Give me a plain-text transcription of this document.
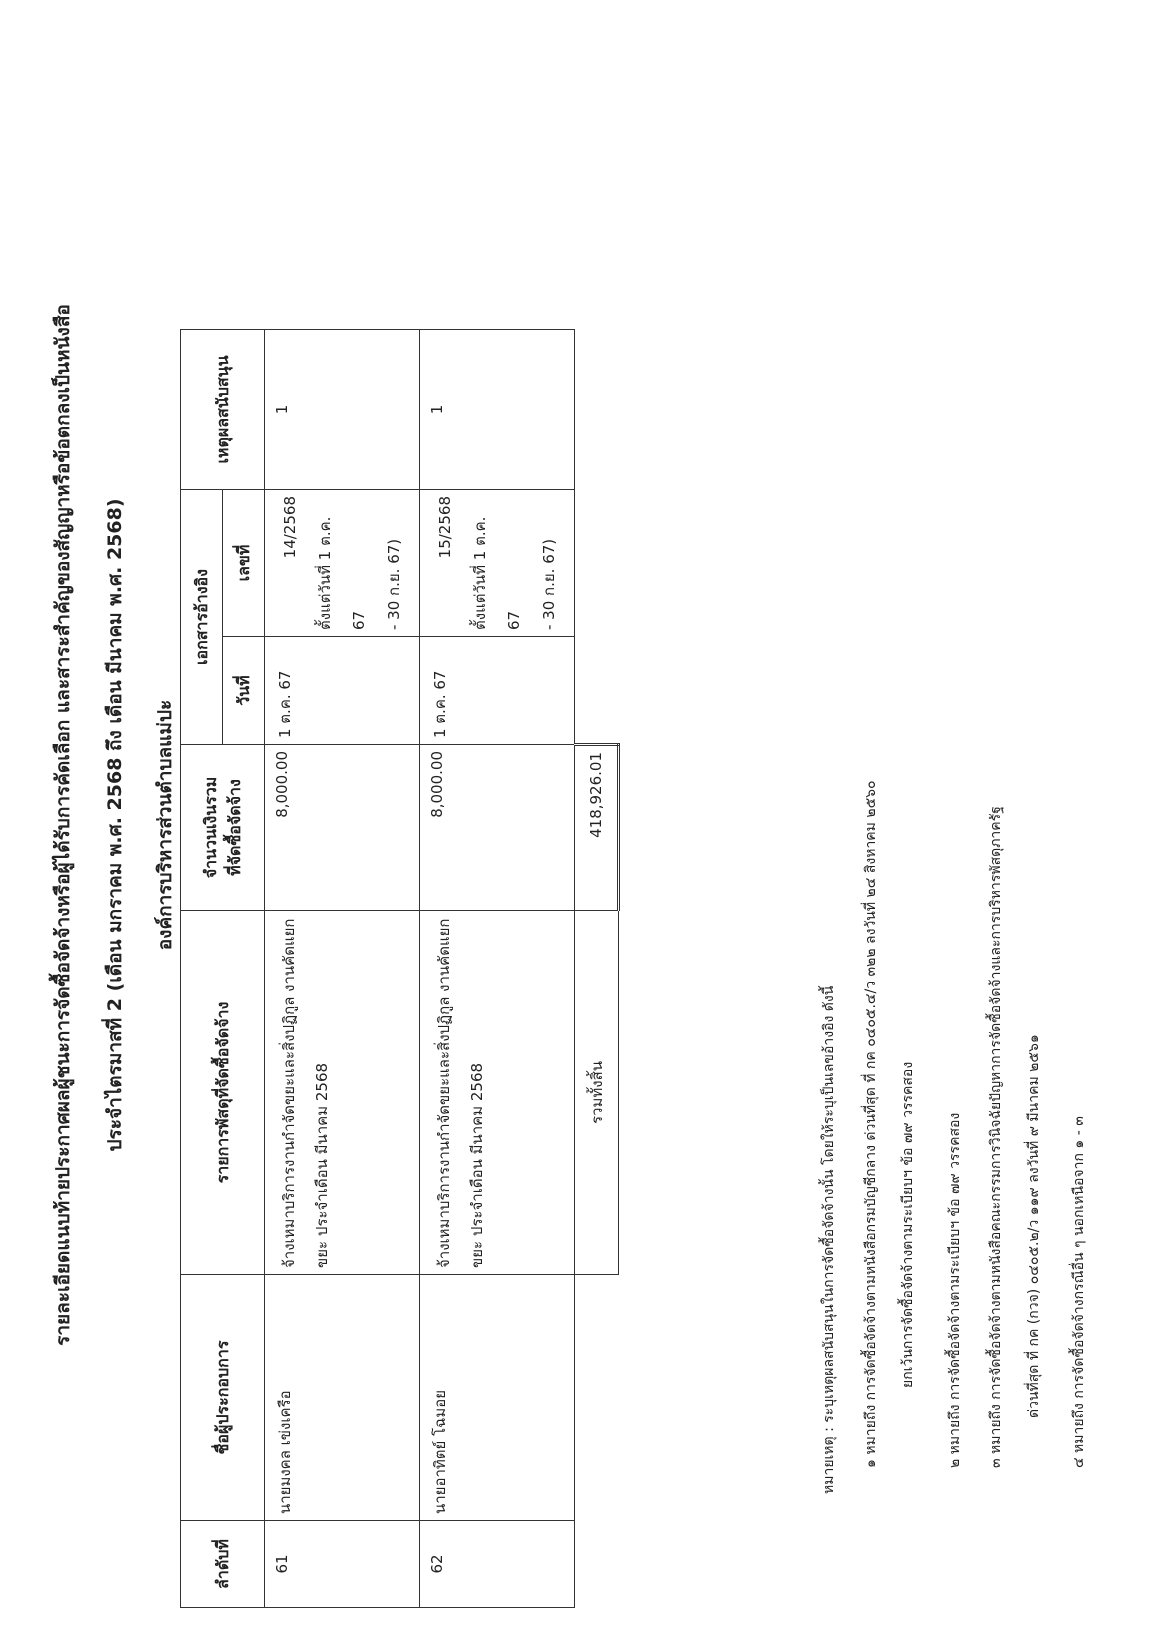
รายละเอียดแนบท้ายประกาศผลผู้ชนะการจัดซื้อจัดจ้างหรือผู้ได้รับการคัดเลือก และสาระสำคัญของสัญญาหรือข้อตกลงเป็นหนังสือ ประจำไตรมาสที่ 2 (เดือน มกราคม พ.ศ. 2568 ถึง เดือน มีนาคม พ.ศ. 2568) องค์การบริหารส่วนตำบลแม่ปะ
ลำดับที่	ชื่อผู้ประกอบการ	รายการพัสดุที่จัดซื้อจัดจ้าง	จำนวนเงินรวม ที่จัดซื้อจัดจ้าง	เอกสารอ้างอิง		เหตุผลสนับสนุน
				วันที่	เลขที่	
61	นายมงคล เข่งเครือ	จ้างเหมาบริการงานกำจัดขยะและสิ่งปฏิกูล งานคัดแยก ขยะ ประจำเดือน มีนาคม 2568	8,000.00	1 ต.ค. 67	14/2568 ตั้งแต่วันที่ 1 ต.ค. 67 - 30 ก.ย. 67)	1
62	นายอาทิตย์ โฉมอย	จ้างเหมาบริการงานกำจัดขยะและสิ่งปฏิกูล งานคัดแยก ขยะ ประจำเดือน มีนาคม 2568	8,000.00	1 ต.ค. 67	15/2568 ตั้งแต่วันที่ 1 ต.ค. 67 - 30 ก.ย. 67)	1
		รวมทั้งสิ้น	418,926.01			
หมายเหตุ : ระบุเหตุผลสนับสนุนในการจัดซื้อจัดจ้างนั้น โดยให้ระบุเป็นเลขอ้างอิง ดังนี้ ๑ หมายถึง การจัดซื้อจัดจ้างตามหนังสือกรมบัญชีกลาง ด่วนที่สุด ที่ กค ๐๔๐๕.๔/ว ๓๒๒ ลงวันที่ ๒๔ สิงหาคม ๒๕๖๐ ยกเว้นการจัดซื้อจัดจ้างตามระเบียบฯ ข้อ ๗๙ วรรคสอง ๒ หมายถึง การจัดซื้อจัดจ้างตามระเบียบฯ ข้อ ๗๙ วรรคสอง ๓ หมายถึง การจัดซื้อจัดจ้างตามหนังสือคณะกรรมการวินิจฉัยปัญหาการจัดซื้อจัดจ้างและการบริหารพัสดุภาครัฐ ด่วนที่สุด ที่ กค (กวจ) ๐๔๐๕.๒/ว ๑๑๙ ลงวันที่ ๙ มีนาคม ๒๕๖๑ ๔ หมายถึง การจัดซื้อจัดจ้างกรณีอื่น ๆ นอกเหนือจาก ๑ - ๓
